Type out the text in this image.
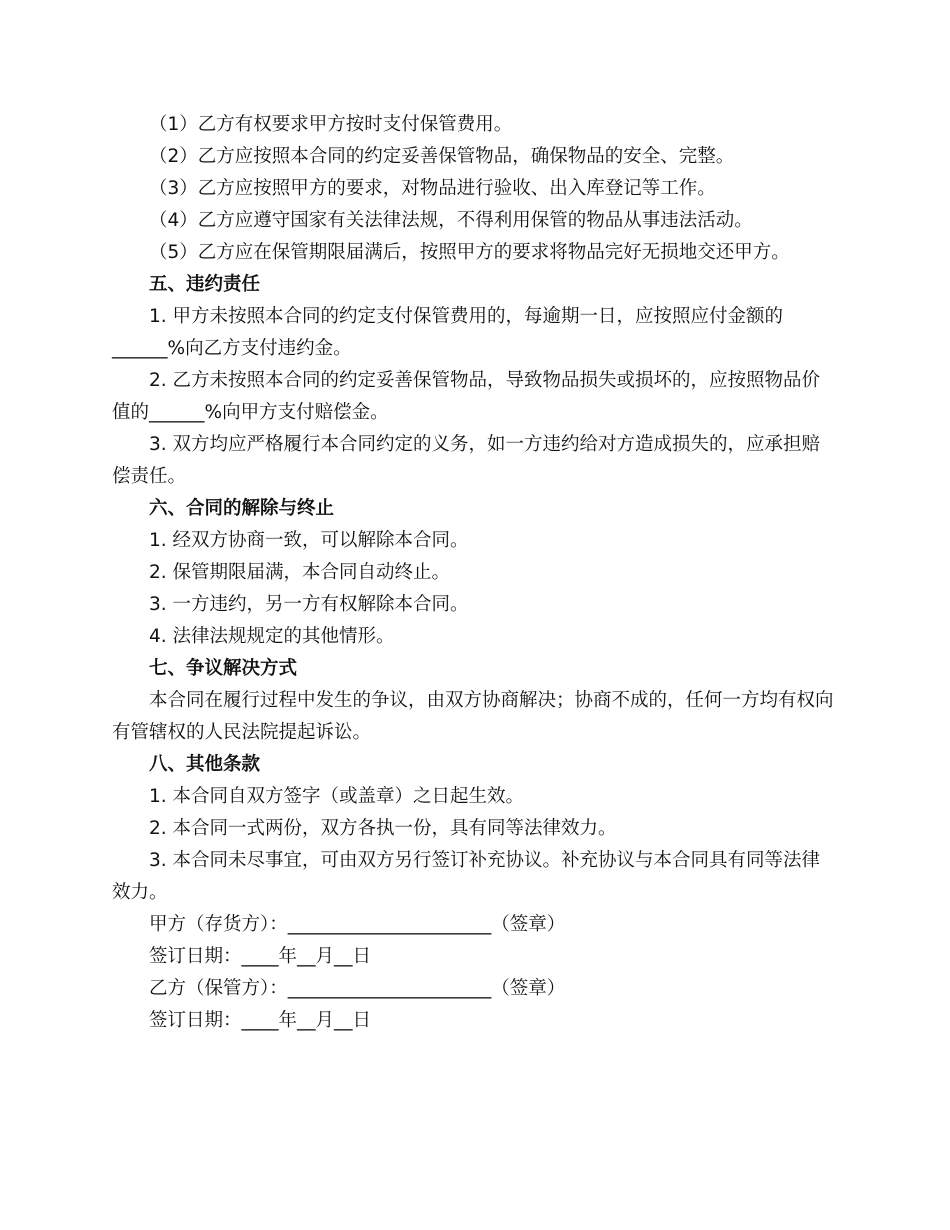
（1）乙方有权要求甲方按时支付保管费用。

（2）乙方应按照本合同的约定妥善保管物品，确保物品的安全、完整。

（3）乙方应按照甲方的要求，对物品进行验收、出入库登记等工作。

（4）乙方应遵守国家有关法律法规，不得利用保管的物品从事违法活动。

（5）乙方应在保管期限届满后，按照甲方的要求将物品完好无损地交还甲方。

五、违约责任

1. 甲方未按照本合同的约定支付保管费用的，每逾期一日，应按照应付金额的

______%向乙方支付违约金。

2. 乙方未按照本合同的约定妥善保管物品，导致物品损失或损坏的，应按照物品价

值的______%向甲方支付赔偿金。

3. 双方均应严格履行本合同约定的义务，如一方违约给对方造成损失的，应承担赔

偿责任。

六、合同的解除与终止

1. 经双方协商一致，可以解除本合同。

2. 保管期限届满，本合同自动终止。

3. 一方违约，另一方有权解除本合同。

4. 法律法规规定的其他情形。

七、争议解决方式

本合同在履行过程中发生的争议，由双方协商解决；协商不成的，任何一方均有权向

有管辖权的人民法院提起诉讼。

八、其他条款

1. 本合同自双方签字（或盖章）之日起生效。

2. 本合同一式两份，双方各执一份，具有同等法律效力。

3. 本合同未尽事宜，可由双方另行签订补充协议。补充协议与本合同具有同等法律

效力。

甲方（存货方）：______________________（签章）

签订日期：____年__月__日

乙方（保管方）：______________________（签章）

签订日期：____年__月__日
